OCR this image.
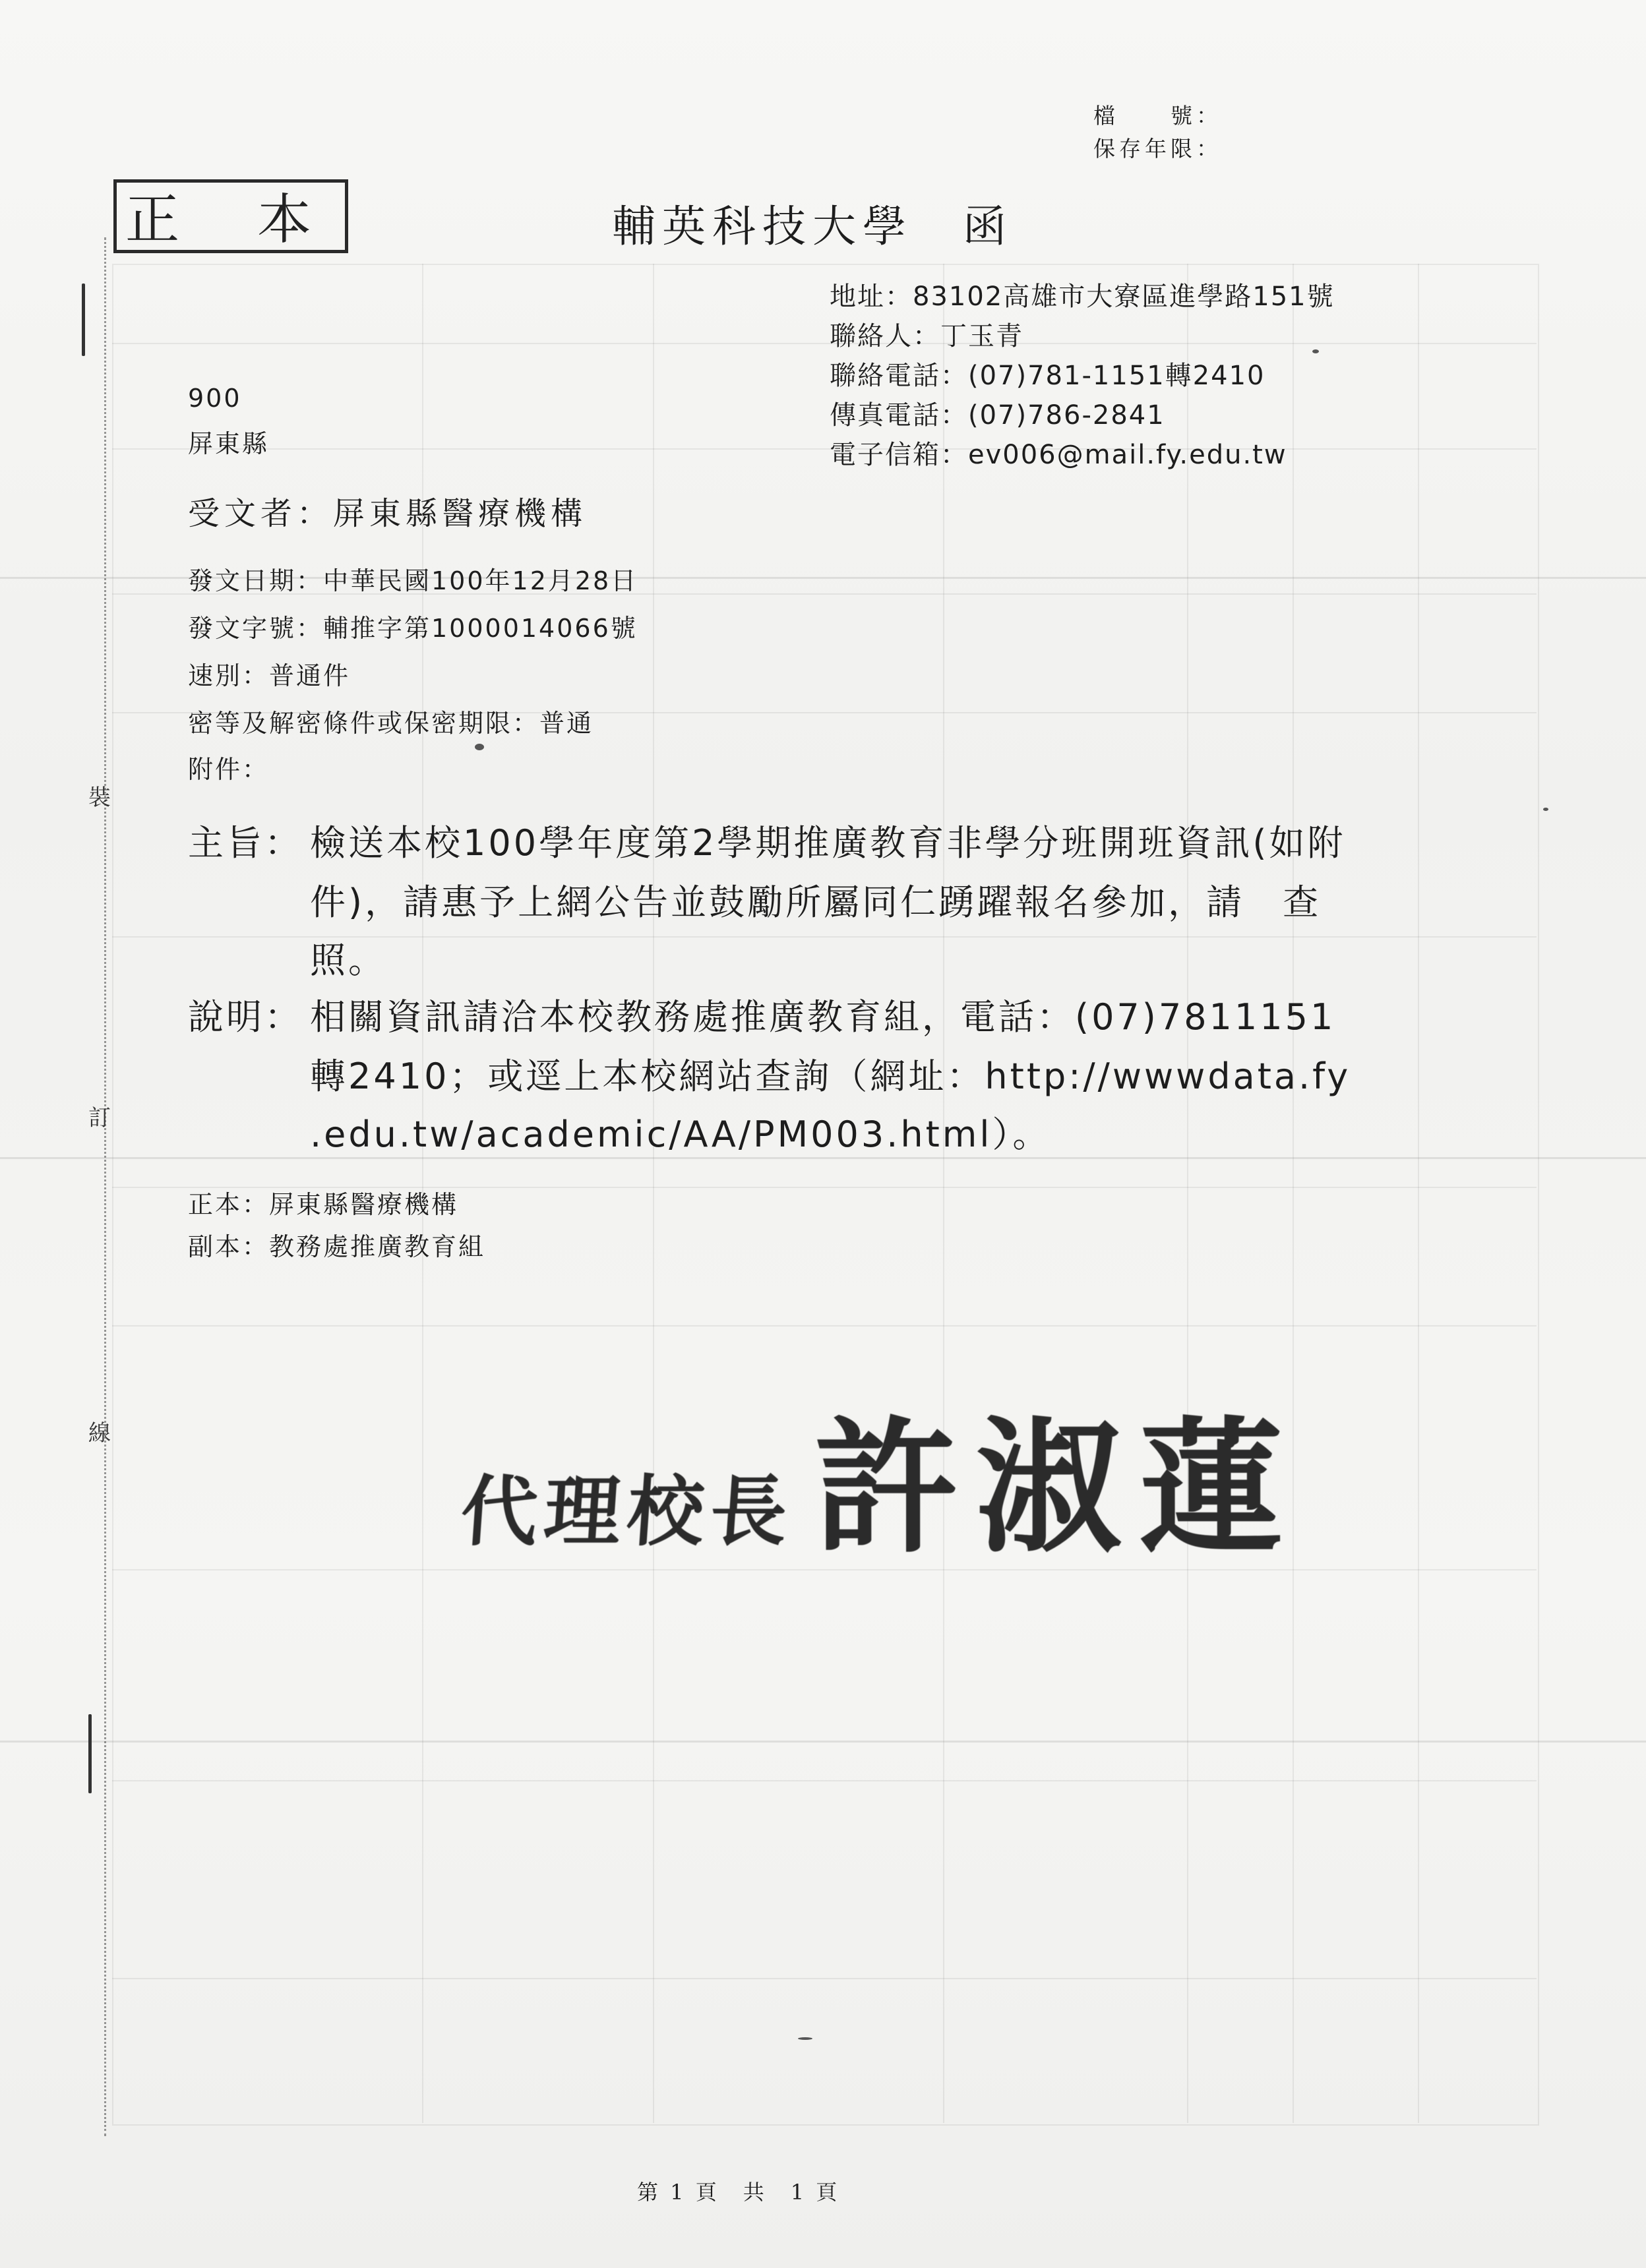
裝
訂
線
檔　　號：
保存年限：
正本	輔英科技大學　函
地址：83102高雄市大寮區進學路151號
聯絡人：丁玉青
聯絡電話：(07)781-1151轉2410
傳真電話：(07)786-2841
電子信箱：ev006@mail.fy.edu.tw
900
屏東縣
受文者：屏東縣醫療機構
發文日期：中華民國100年12月28日
發文字號：輔推字第1000014066號
速別：普通件
密等及解密條件或保密期限：普通
附件：
主旨： 檢送本校100學年度第2學期推廣教育非學分班開班資訊(如附
件)，請惠予上網公告並鼓勵所屬同仁踴躍報名參加，請　查
照。
說明： 相關資訊請洽本校教務處推廣教育組，電話：(07)7811151
轉2410；或逕上本校網站查詢（網址：http://wwwdata.fy
.edu.tw/academic/AA/PM003.html）。
正本：屏東縣醫療機構
副本：教務處推廣教育組
代理校長 許淑蓮
第 1 頁　共　1 頁
